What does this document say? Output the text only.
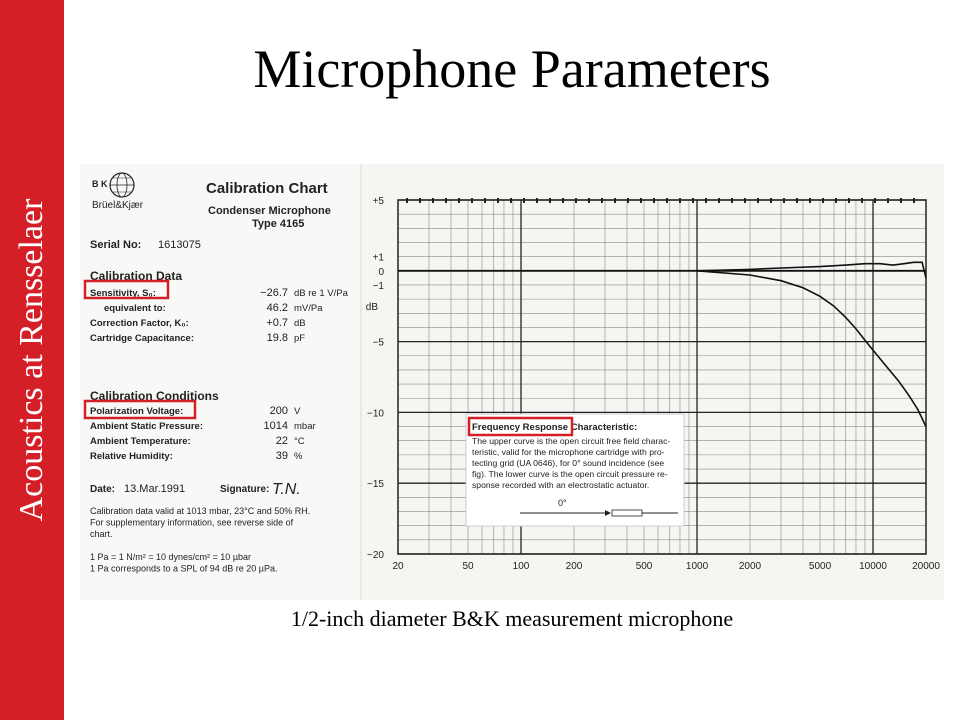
Acoustics at Rensselaer
Microphone Parameters
B K
Brüel&Kjær
Calibration Chart
Condenser Microphone
Type 4165
Serial No: 1613075
Calibration Data
Sensitivity, S₀:	−26.7 dB re 1 V/Pa
equivalent to:	46.2 mV/Pa
Correction Factor, K₀:	+0.7 dB
Cartridge Capacitance:	19.8 pF
Calibration Conditions
Polarization Voltage:	200 V
Ambient Static Pressure:	1014 mbar
Ambient Temperature:	22 °C
Relative Humidity:	39 %
Date: 13.Mar.1991	Signature: T.N.
Calibration data valid at 1013 mbar, 23°C and 50% RH.
For supplementary information, see reverse side of
chart.
1 Pa = 1 N/m² = 10 dynes/cm² = 10 µbar
1 Pa corresponds to a SPL of 94 dB re 20 µPa.
+5
+1
0
−1
−5
−10
−15
−20
dB
20	50	100	200	500	1000	2000	5000	10000	20000
Frequency Response Characteristic:
The upper curve is the open circuit free field charac-
teristic, valid for the microphone cartridge with pro-
tecting grid (UA 0646), for 0° sound incidence (see
fig). The lower curve is the open circuit pressure re-
sponse recorded with an electrostatic actuator.
0°
1/2-inch diameter B&K measurement microphone
